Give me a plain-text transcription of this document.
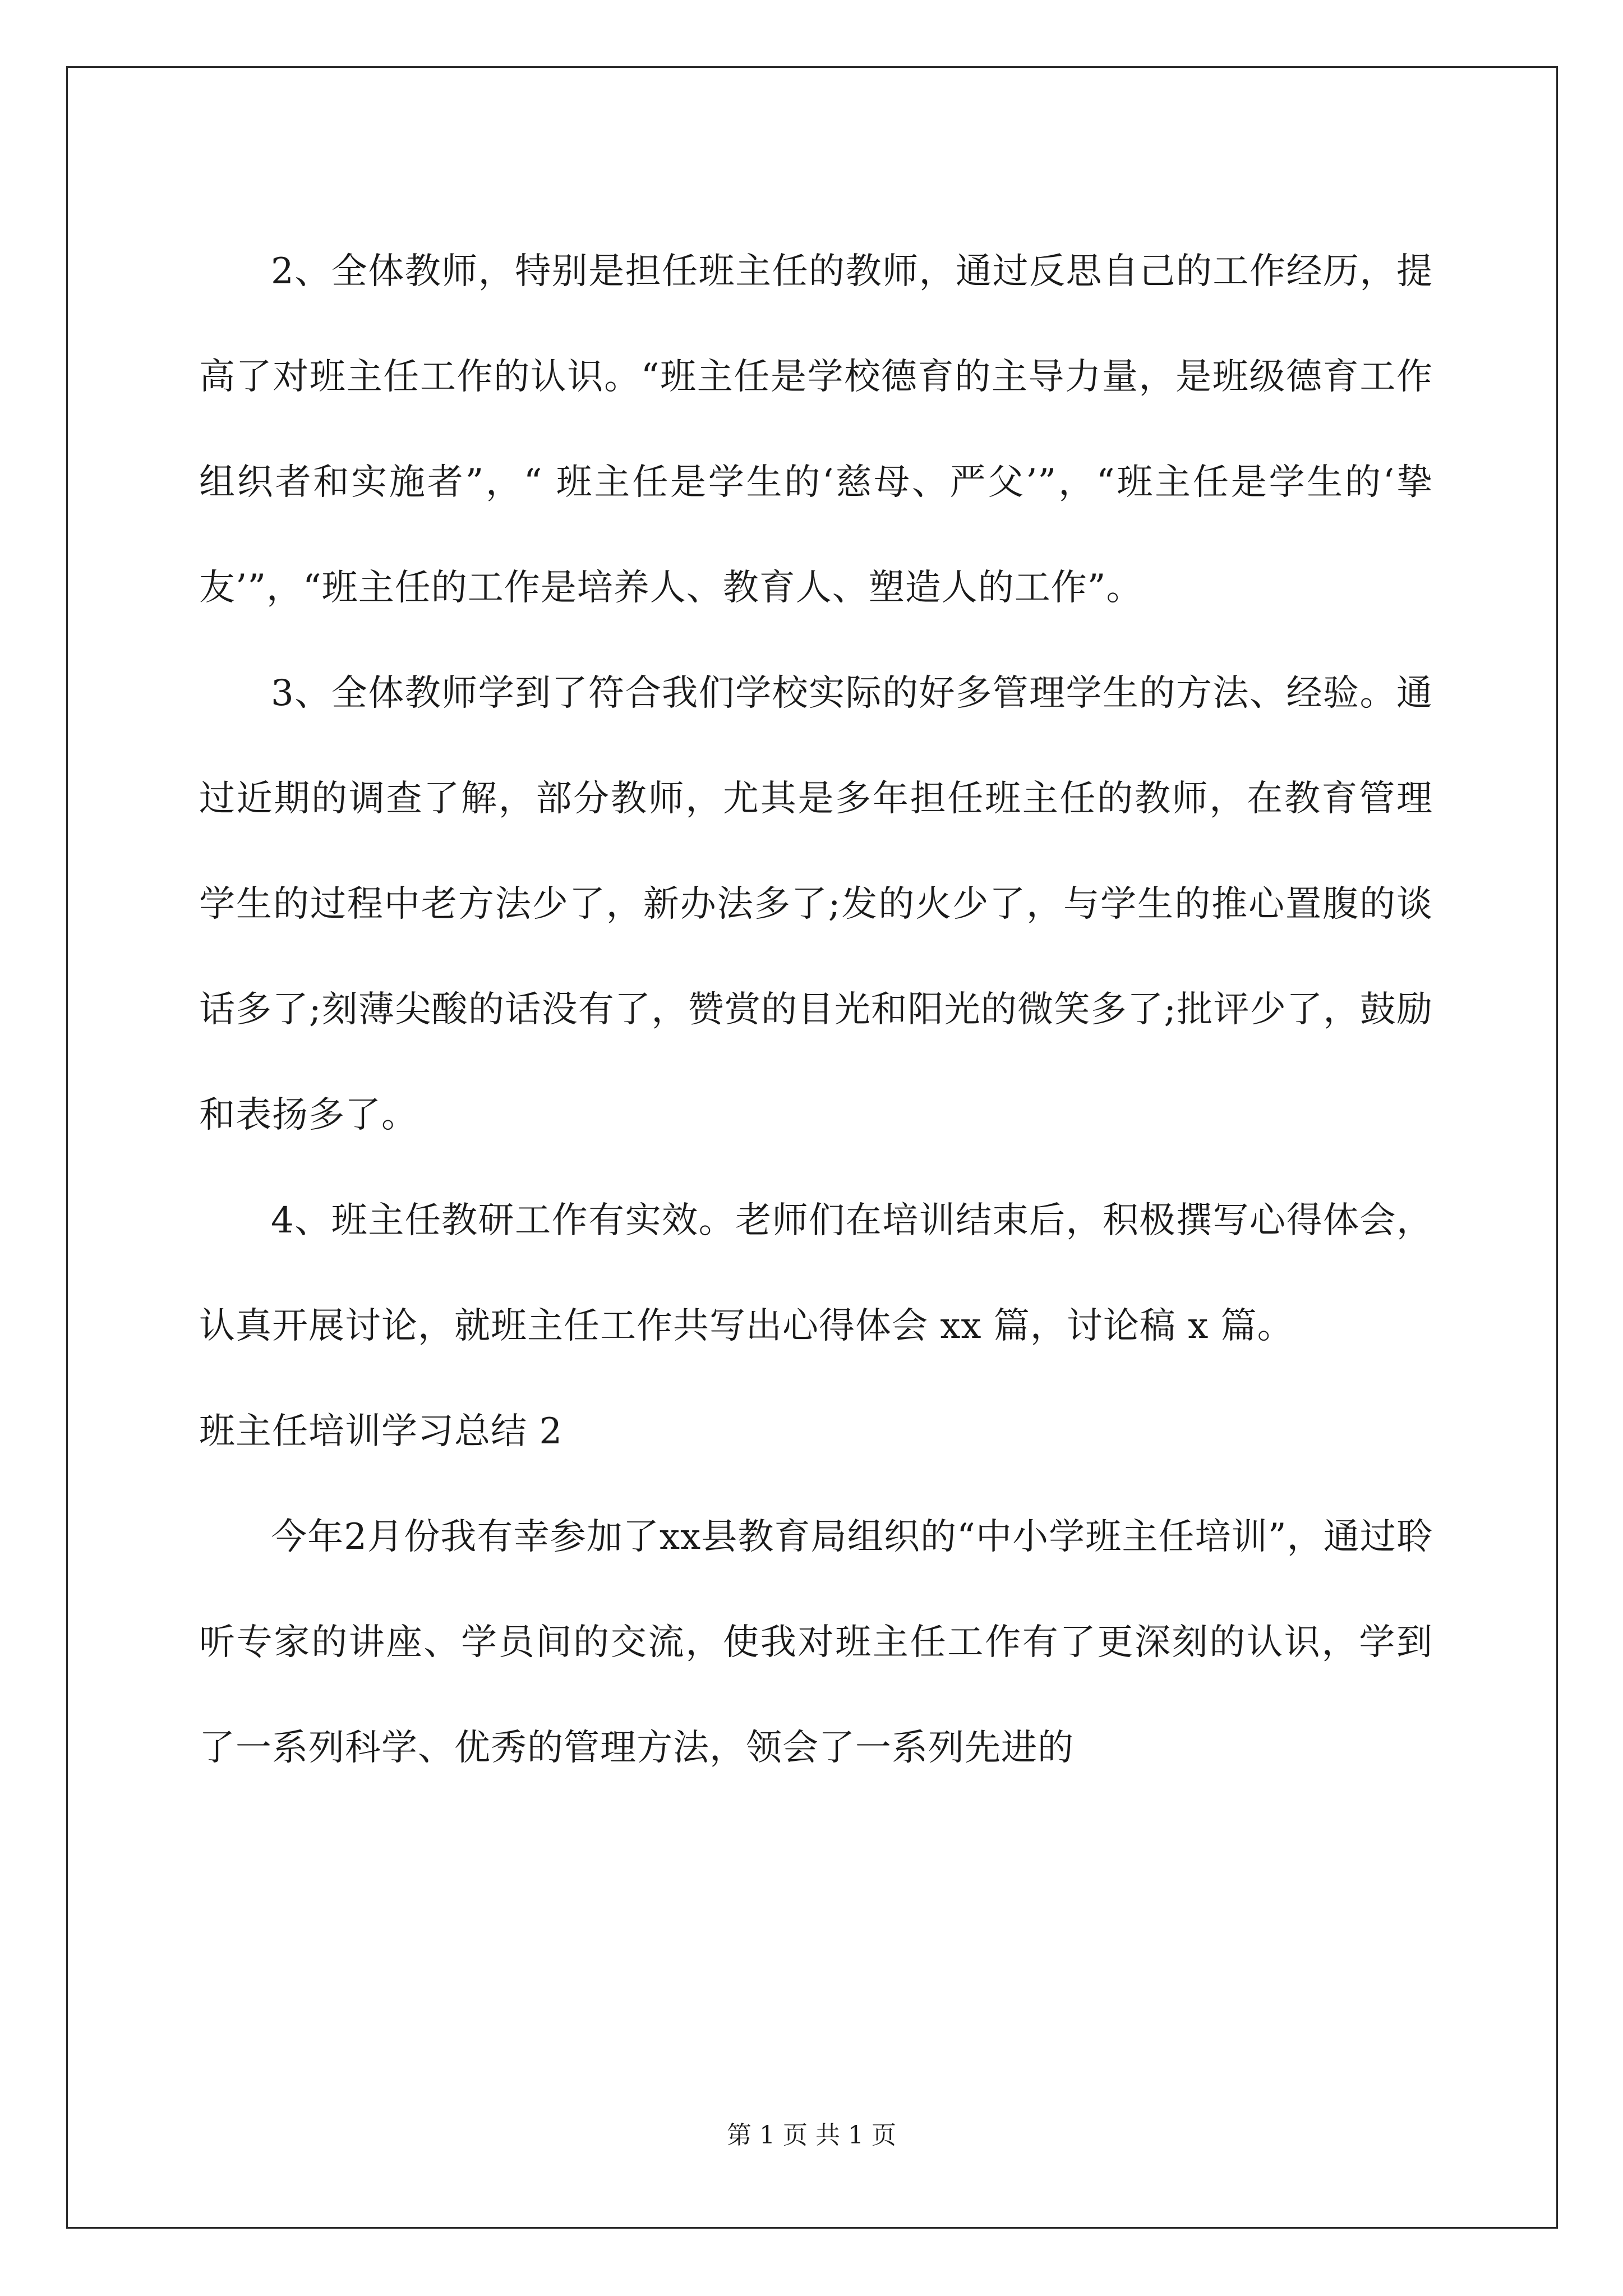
2、全体教师，特别是担任班主任的教师，通过反思自己的工作经历，提高了对班主任工作的认识。“班主任是学校德育的主导力量，是班级德育工作组织者和实施者”，“ 班主任是学生的‘慈母、严父’”，“班主任是学生的‘挚友’”，“班主任的工作是培养人、教育人、塑造人的工作”。

3、全体教师学到了符合我们学校实际的好多管理学生的方法、经验。通过近期的调查了解，部分教师，尤其是多年担任班主任的教师，在教育管理学生的过程中老方法少了，新办法多了;发的火少了，与学生的推心置腹的谈话多了;刻薄尖酸的话没有了，赞赏的目光和阳光的微笑多了;批评少了，鼓励和表扬多了。

4、班主任教研工作有实效。老师们在培训结束后，积极撰写心得体会，认真开展讨论，就班主任工作共写出心得体会 xx 篇，讨论稿 x 篇。

班主任培训学习总结 2

今年2月份我有幸参加了xx县教育局组织的“中小学班主任培训”，通过聆听专家的讲座、学员间的交流，使我对班主任工作有了更深刻的认识，学到了一系列科学、优秀的管理方法，领会了一系列先进的

第 1 页 共 1 页
